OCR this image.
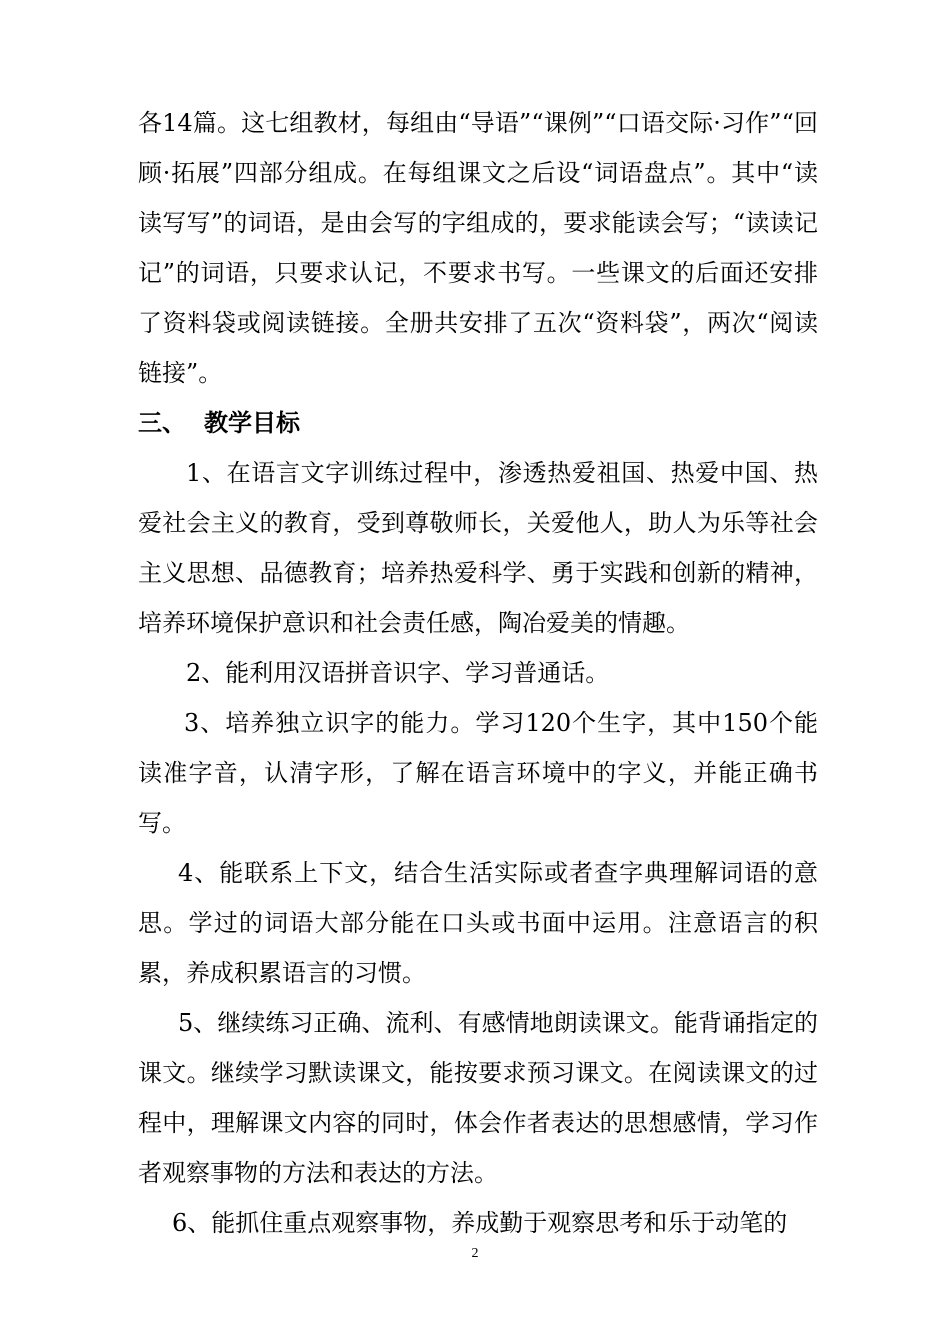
各14篇。这七组教材，每组由“导语”“课例”“口语交际·习作”“回顾·拓展”四部分组成。在每组课文之后设“词语盘点”。其中“读读写写”的词语，是由会写的字组成的，要求能读会写；“读读记记”的词语，只要求认记，不要求书写。一些课文的后面还安排了资料袋或阅读链接。全册共安排了五次“资料袋”，两次“阅读链接”。

三、 教学目标

1、在语言文字训练过程中，渗透热爱祖国、热爱中国、热爱社会主义的教育，受到尊敬师长，关爱他人，助人为乐等社会主义思想、品德教育；培养热爱科学、勇于实践和创新的精神，培养环境保护意识和社会责任感，陶冶爱美的情趣。

2、能利用汉语拼音识字、学习普通话。

3、培养独立识字的能力。学习120个生字，其中150个能读准字音，认清字形，了解在语言环境中的字义，并能正确书写。

4、能联系上下文，结合生活实际或者查字典理解词语的意思。学过的词语大部分能在口头或书面中运用。注意语言的积累，养成积累语言的习惯。

5、继续练习正确、流利、有感情地朗读课文。能背诵指定的课文。继续学习默读课文，能按要求预习课文。在阅读课文的过程中，理解课文内容的同时，体会作者表达的思想感情，学习作者观察事物的方法和表达的方法。

6、能抓住重点观察事物，养成勤于观察思考和乐于动笔的

2
